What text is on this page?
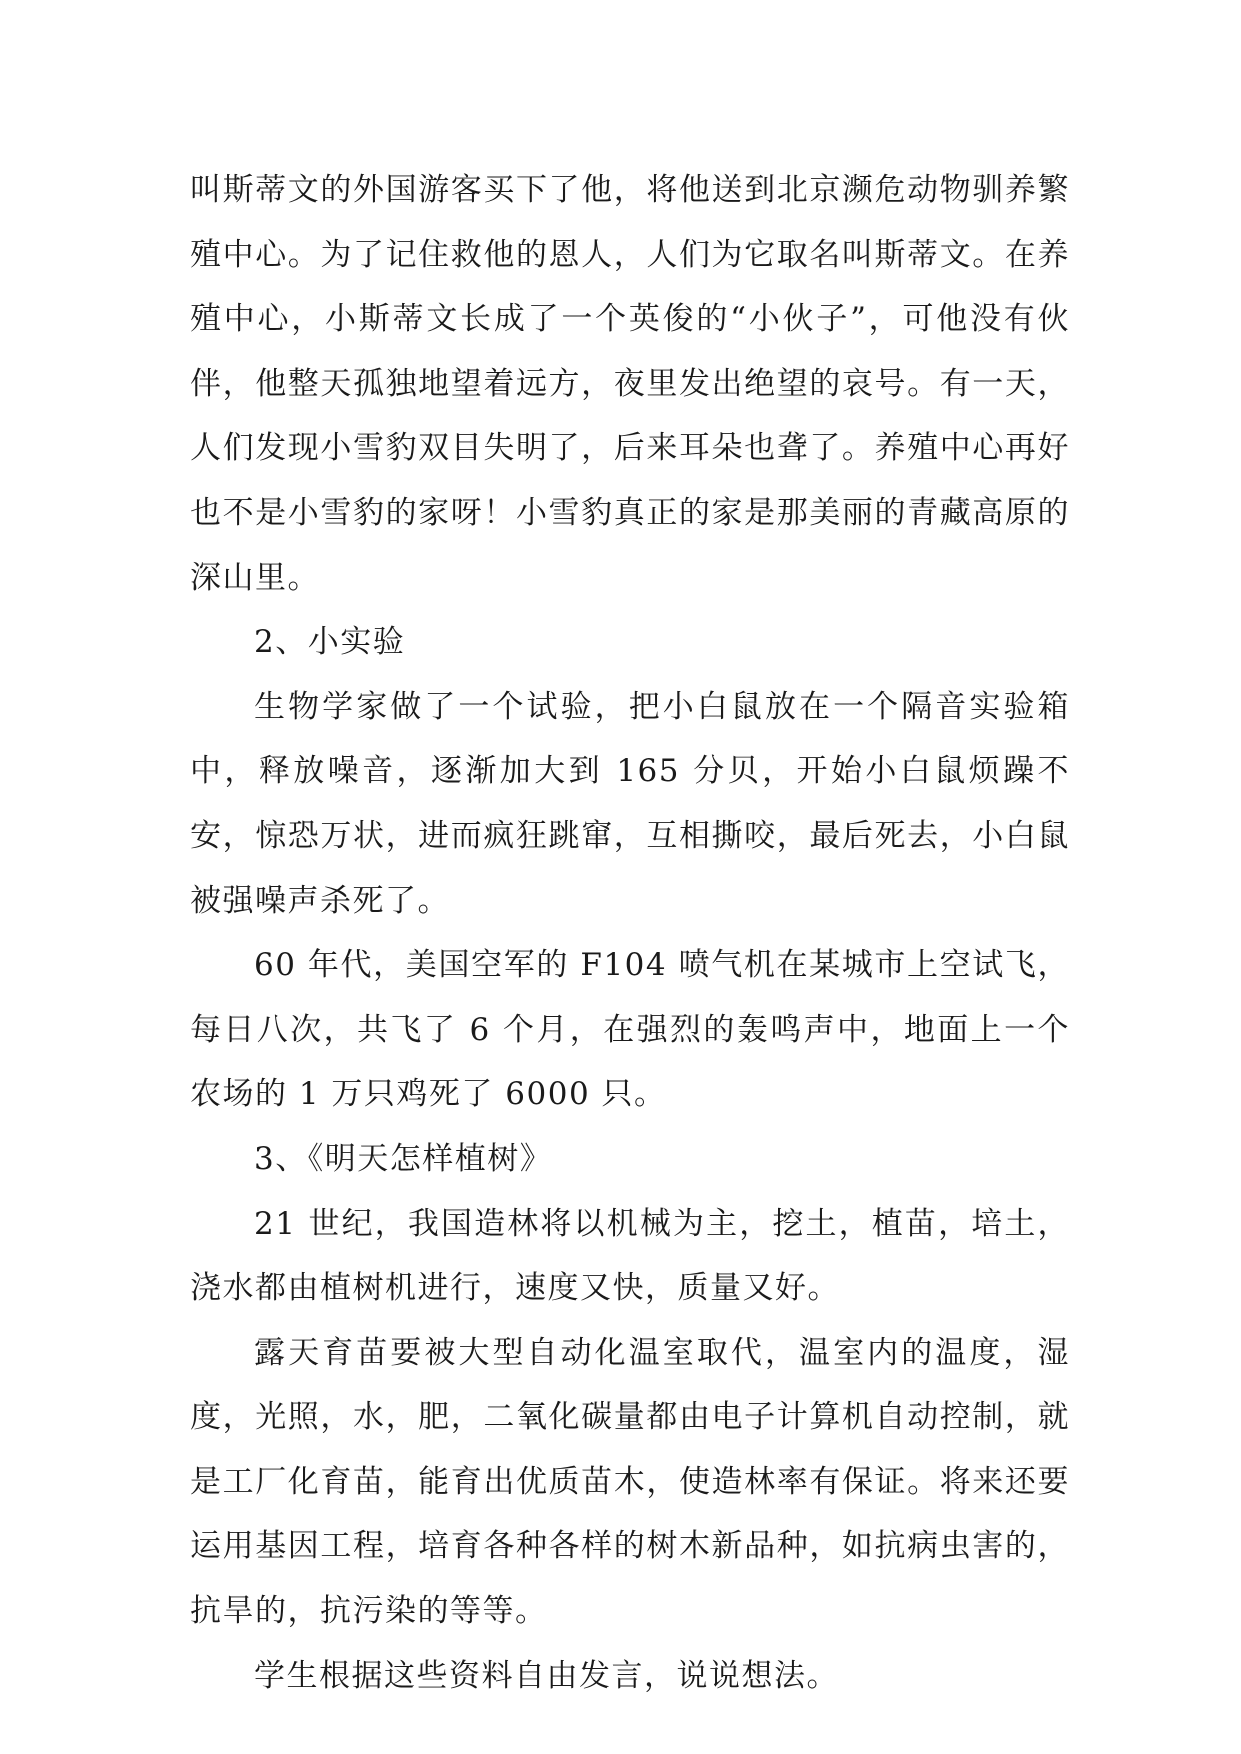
叫斯蒂文的外国游客买下了他，将他送到北京濒危动物驯养繁殖中心。为了记住救他的恩人，人们为它取名叫斯蒂文。在养殖中心，小斯蒂文长成了一个英俊的“小伙子”，可他没有伙伴，他整天孤独地望着远方，夜里发出绝望的哀号。有一天，人们发现小雪豹双目失明了，后来耳朵也聋了。养殖中心再好也不是小雪豹的家呀！小雪豹真正的家是那美丽的青藏高原的深山里。

2、小实验

生物学家做了一个试验，把小白鼠放在一个隔音实验箱中，释放噪音，逐渐加大到 165 分贝，开始小白鼠烦躁不安，惊恐万状，进而疯狂跳窜，互相撕咬，最后死去，小白鼠被强噪声杀死了。

60 年代，美国空军的 F104 喷气机在某城市上空试飞，每日八次，共飞了 6 个月，在强烈的轰鸣声中，地面上一个农场的 1 万只鸡死了 6000 只。

3、《明天怎样植树》

21 世纪，我国造林将以机械为主，挖土，植苗，培土，浇水都由植树机进行，速度又快，质量又好。

露天育苗要被大型自动化温室取代，温室内的温度，湿度，光照，水，肥，二氧化碳量都由电子计算机自动控制，就是工厂化育苗，能育出优质苗木，使造林率有保证。将来还要运用基因工程，培育各种各样的树木新品种，如抗病虫害的，抗旱的，抗污染的等等。

学生根据这些资料自由发言，说说想法。
